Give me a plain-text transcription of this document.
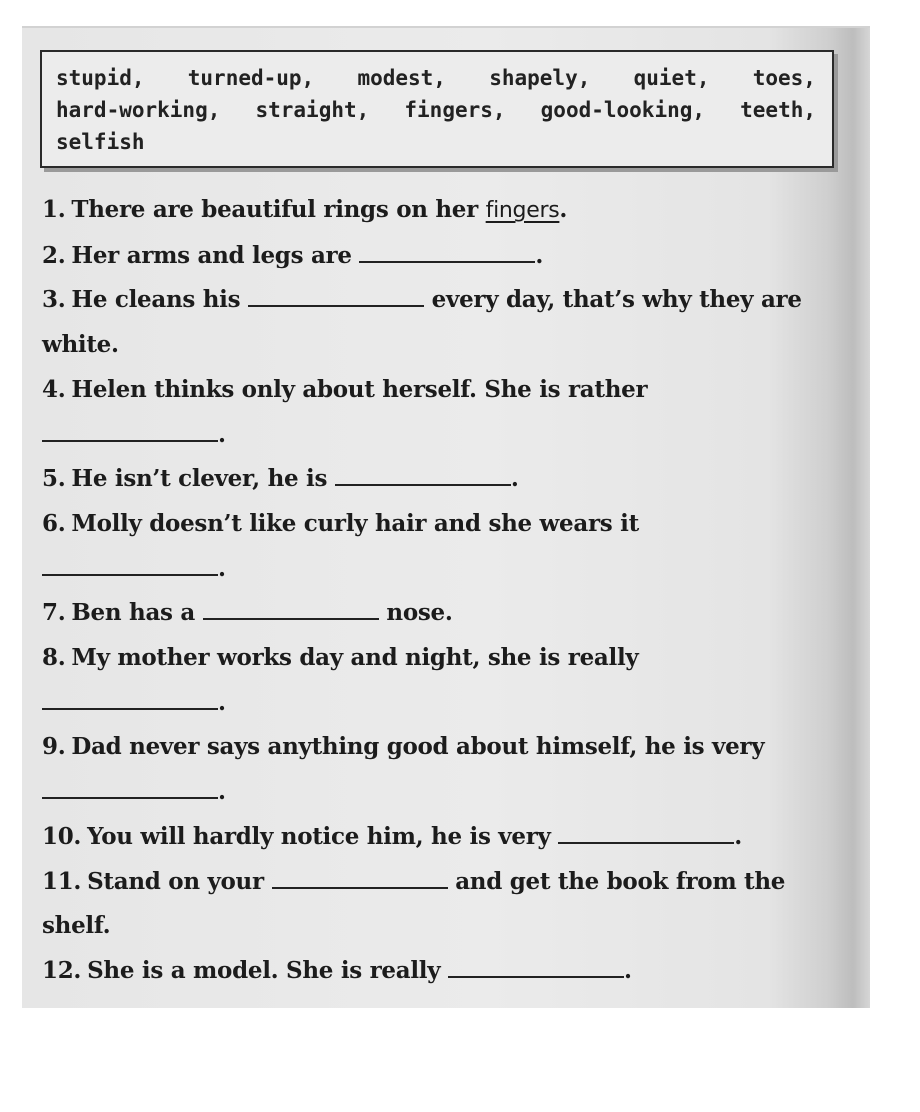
stupid, turned-up, modest, shapely, quiet, toes, hard-working, straight, fingers, good-looking, teeth, selfish
1. There are beautiful rings on her fingers.
2. Her arms and legs are	.
3. He cleans his	every day, that’s why they are white.
4. Helen thinks only about herself. She is rather
.
5. He isn’t clever, he is	.
6. Molly doesn’t like curly hair and she wears it
.
7. Ben has a	nose.
8. My mother works day and night, she is really
.
9. Dad never says anything good about himself, he is very .
10. You will hardly notice him, he is very	.
11. Stand on your	and get the book from the shelf.
12. She is a model. She is really	.
